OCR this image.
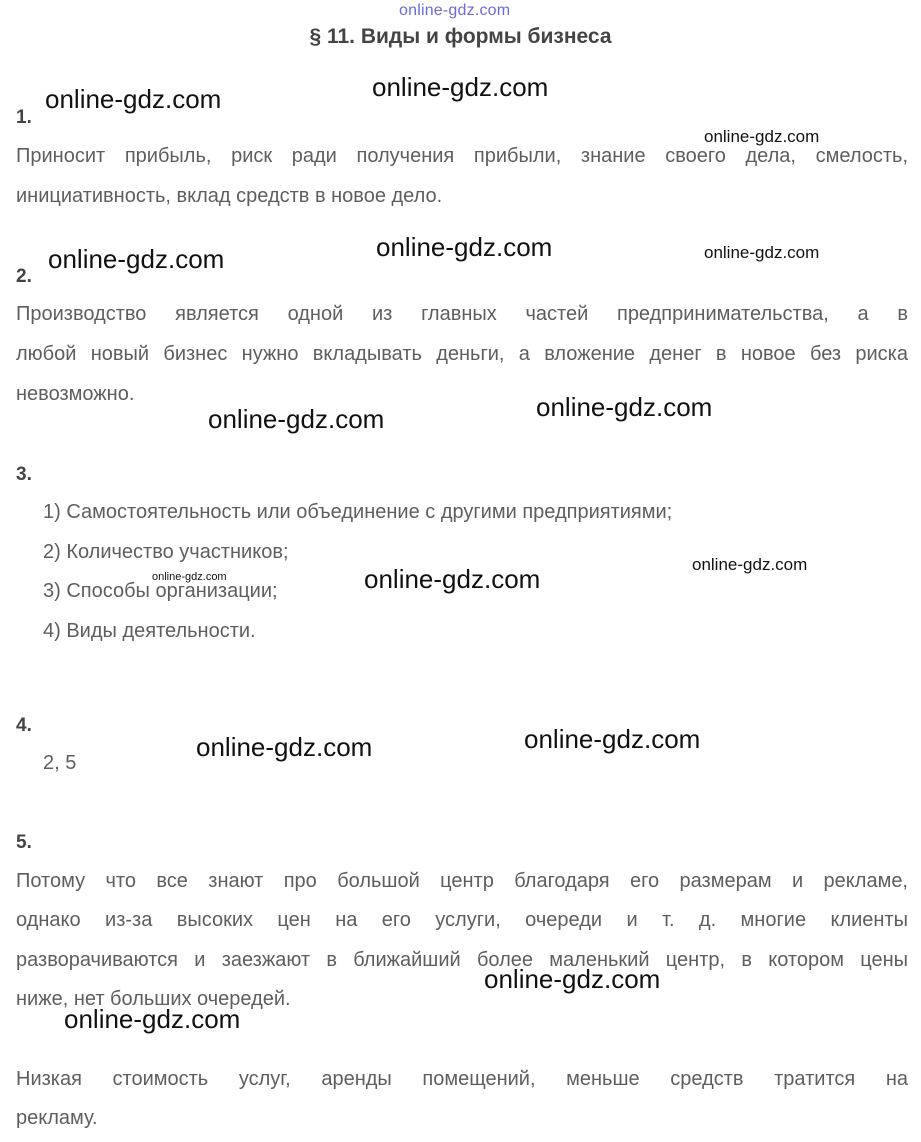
online-gdz.com
§ 11. Виды и формы бизнеса
1.
Приносит прибыль, риск ради получения прибыли, знание своего дела, смелость,
инициативность, вклад средств в новое дело.
2.
Производство является одной из главных частей предпринимательства, а в
любой новый бизнес нужно вкладывать деньги, а вложение денег в новое без риска
невозможно.
3.
1) Самостоятельность или объединение с другими предприятиями;
2) Количество участников;
3) Способы организации;
4) Виды деятельности.
4.
2, 5
5.
Потому что все знают про большой центр благодаря его размерам и рекламе,
однако из-за высоких цен на его услуги, очереди и т. д. многие клиенты
разворачиваются и заезжают в ближайший более маленький центр, в котором цены
ниже, нет больших очередей.
Низкая стоимость услуг, аренды помещений, меньше средств тратится на
рекламу.
online-gdz.com
online-gdz.com
online-gdz.com
online-gdz.com	online-gdz.com
online-gdz.com
online-gdz.com
online-gdz.com
online-gdz.com
online-gdz.com	online-gdz.com
online-gdz.com
online-gdz.com
online-gdz.com
online-gdz.com
